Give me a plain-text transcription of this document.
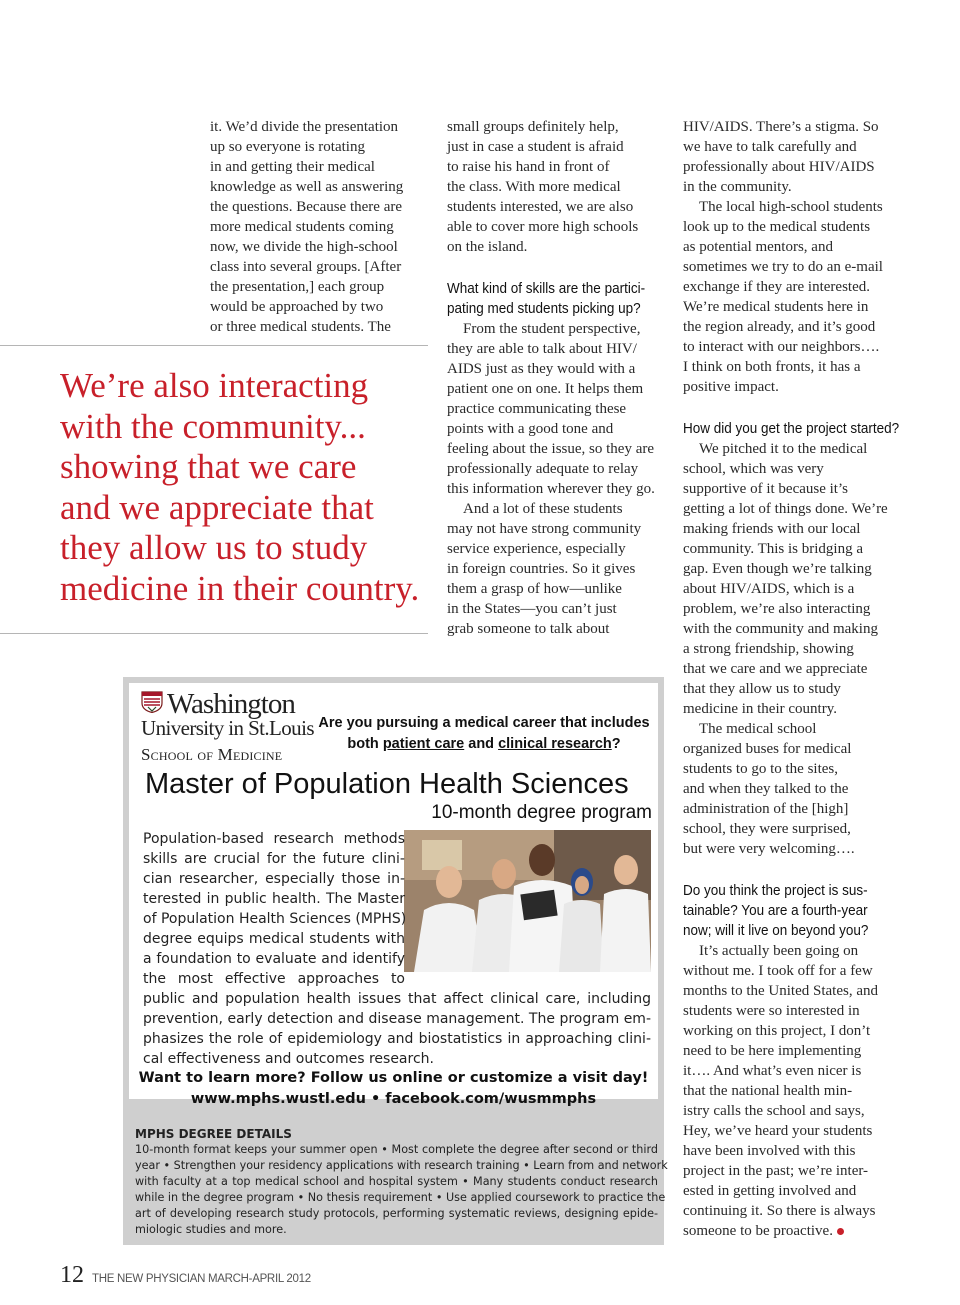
it. We’d divide the presentation
up so everyone is rotating
in and getting their medical
knowledge as well as answering
the questions. Because there are
more medical students coming
now, we divide the high-school
class into several groups. [After
the presentation,] each group
would be approached by two
or three medical students. The

small groups definitely help,
just in case a student is afraid
to raise his hand in front of
the class. With more medical
students interested, we are also
able to cover more high schools
on the island.

What kind of skills are the partici-
pating med students picking up?

From the student perspective,
they are able to talk about HIV/
AIDS just as they would with a
patient one on one. It helps them
practice communicating these
points with a good tone and
feeling about the issue, so they are
professionally adequate to relay
this information wherever they go.

And a lot of these students
may not have strong community
service experience, especially
in foreign countries. So it gives
them a grasp of how—unlike
in the States—you can’t just
grab someone to talk about

HIV/AIDS. There’s a stigma. So
we have to talk carefully and
professionally about HIV/AIDS
in the community.

The local high-school students
look up to the medical students
as potential mentors, and
sometimes we try to do an e-mail
exchange if they are interested.
We’re medical students here in
the region already, and it’s good
to interact with our neighbors….
I think on both fronts, it has a
positive impact.

How did you get the project started?

We pitched it to the medical
school, which was very
supportive of it because it’s
getting a lot of things done. We’re
making friends with our local
community. This is bridging a
gap. Even though we’re talking
about HIV/AIDS, which is a
problem, we’re also interacting
with the community and making
a strong friendship, showing
that we care and we appreciate
that they allow us to study
medicine in their country.

The medical school
organized buses for medical
students to go to the sites,
and when they talked to the
administration of the [high]
school, they were surprised,
but were very welcoming….

Do you think the project is sus-
tainable? You are a fourth-year
now; will it live on beyond you?

It’s actually been going on
without me. I took off for a few
months to the United States, and
students were so interested in
working on this project, I don’t
need to be here implementing
it…. And what’s even nicer is
that the national health min-
istry calls the school and says,
Hey, we’ve heard your students
have been involved with this
project in the past; we’re inter-
ested in getting involved and
continuing it. So there is always
someone to be proactive.

We’re also interacting
with the community...
showing that we care
and we appreciate that
they allow us to study
medicine in their country.
Washington
University in St.Louis
School of Medicine
Are you pursuing a medical career that includes
both patient care and clinical research?
Master of Population Health Sciences
10-month degree program
Population-based research methods
skills are crucial for the future clini-
cian researcher, especially those in-
terested in public health. The Master
of Population Health Sciences (MPHS)
degree equips medical students with
a foundation to evaluate and identify
the most effective approaches to
public and population health issues that affect clinical care, including
prevention, early detection and disease management. The program em-
phasizes the role of epidemiology and biostatistics in approaching clini-
cal effectiveness and outcomes research.
Want to learn more? Follow us online or customize a visit day!
www.mphs.wustl.edu • facebook.com/wusmmphs
MPHS DEGREE DETAILS
10-month format keeps your summer open • Most complete the degree after second or third
year • Strengthen your residency applications with research training • Learn from and network
with faculty at a top medical school and hospital system • Many students conduct research
while in the degree program • No thesis requirement • Use applied coursework to practice the
art of developing research study protocols, performing systematic reviews, designing epide-
miologic studies and more.
12 THE NEW PHYSICIAN MARCH-APRIL 2012
